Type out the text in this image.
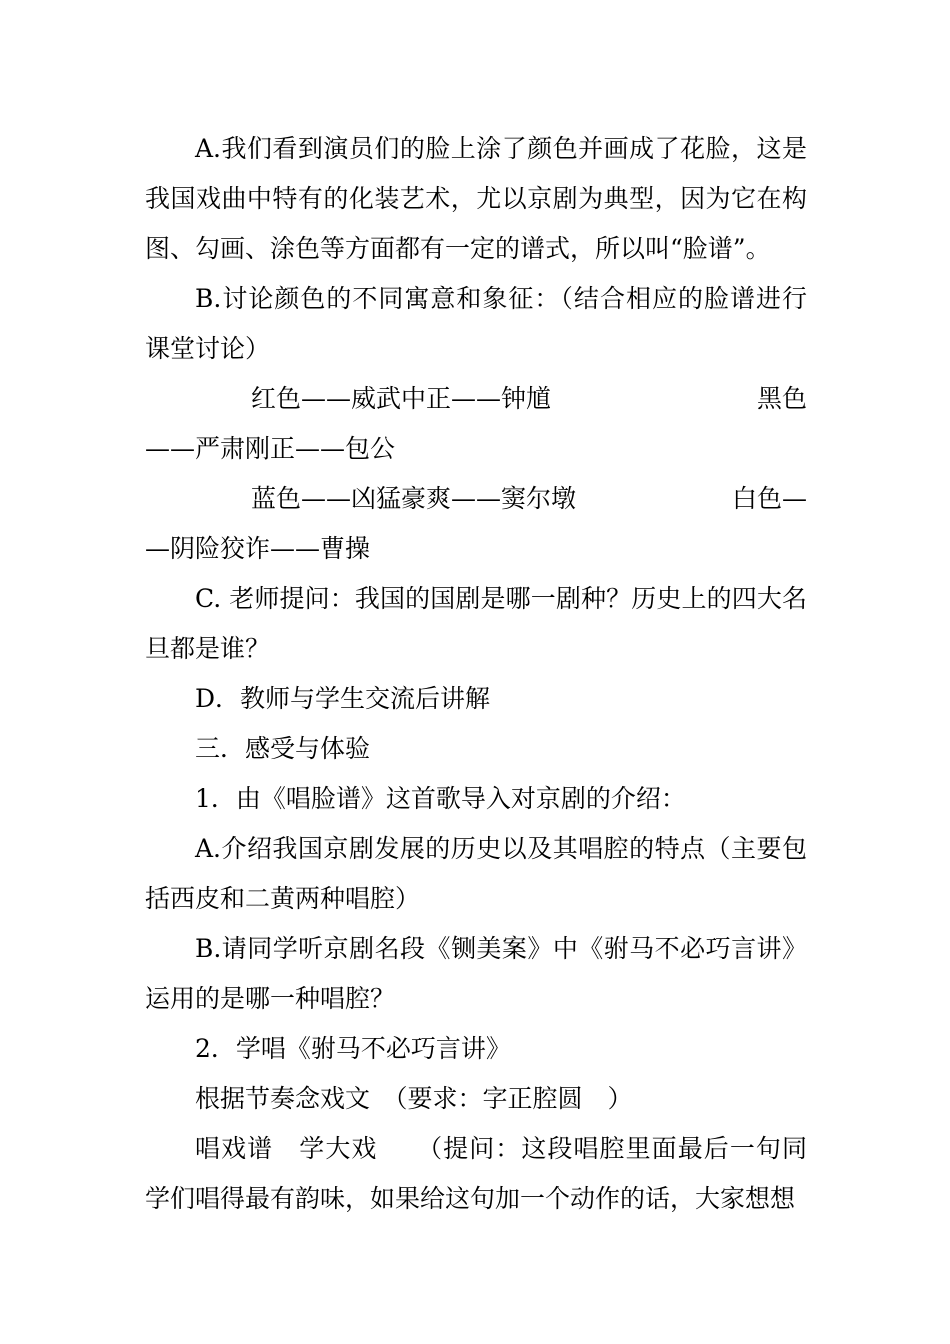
A.我们看到演员们的脸上涂了颜色并画成了花脸，这是我国戏曲中特有的化装艺术，尤以京剧为典型，因为它在构图、勾画、涂色等方面都有一定的谱式，所以叫“脸谱”。

B.讨论颜色的不同寓意和象征：（结合相应的脸谱进行课堂讨论）

红色——威武中正——钟馗	黑色
——严肃刚正——包公
蓝色——凶猛豪爽——窦尔墩	白色—
—阴险狡诈——曹操

C. 老师提问：我国的国剧是哪一剧种？历史上的四大名旦都是谁？

D．教师与学生交流后讲解

三．感受与体验

1．由《唱脸谱》这首歌导入对京剧的介绍：

A.介绍我国京剧发展的历史以及其唱腔的特点（主要包括西皮和二黄两种唱腔）

B.请同学听京剧名段《铡美案》中《驸马不必巧言讲》运用的是哪一种唱腔？

2．学唱《驸马不必巧言讲》

根据节奏念戏文　（要求：字正腔圆　）

唱戏谱　学大戏　　（提问：这段唱腔里面最后一句同学们唱得最有韵味，如果给这句加一个动作的话，大家想想
